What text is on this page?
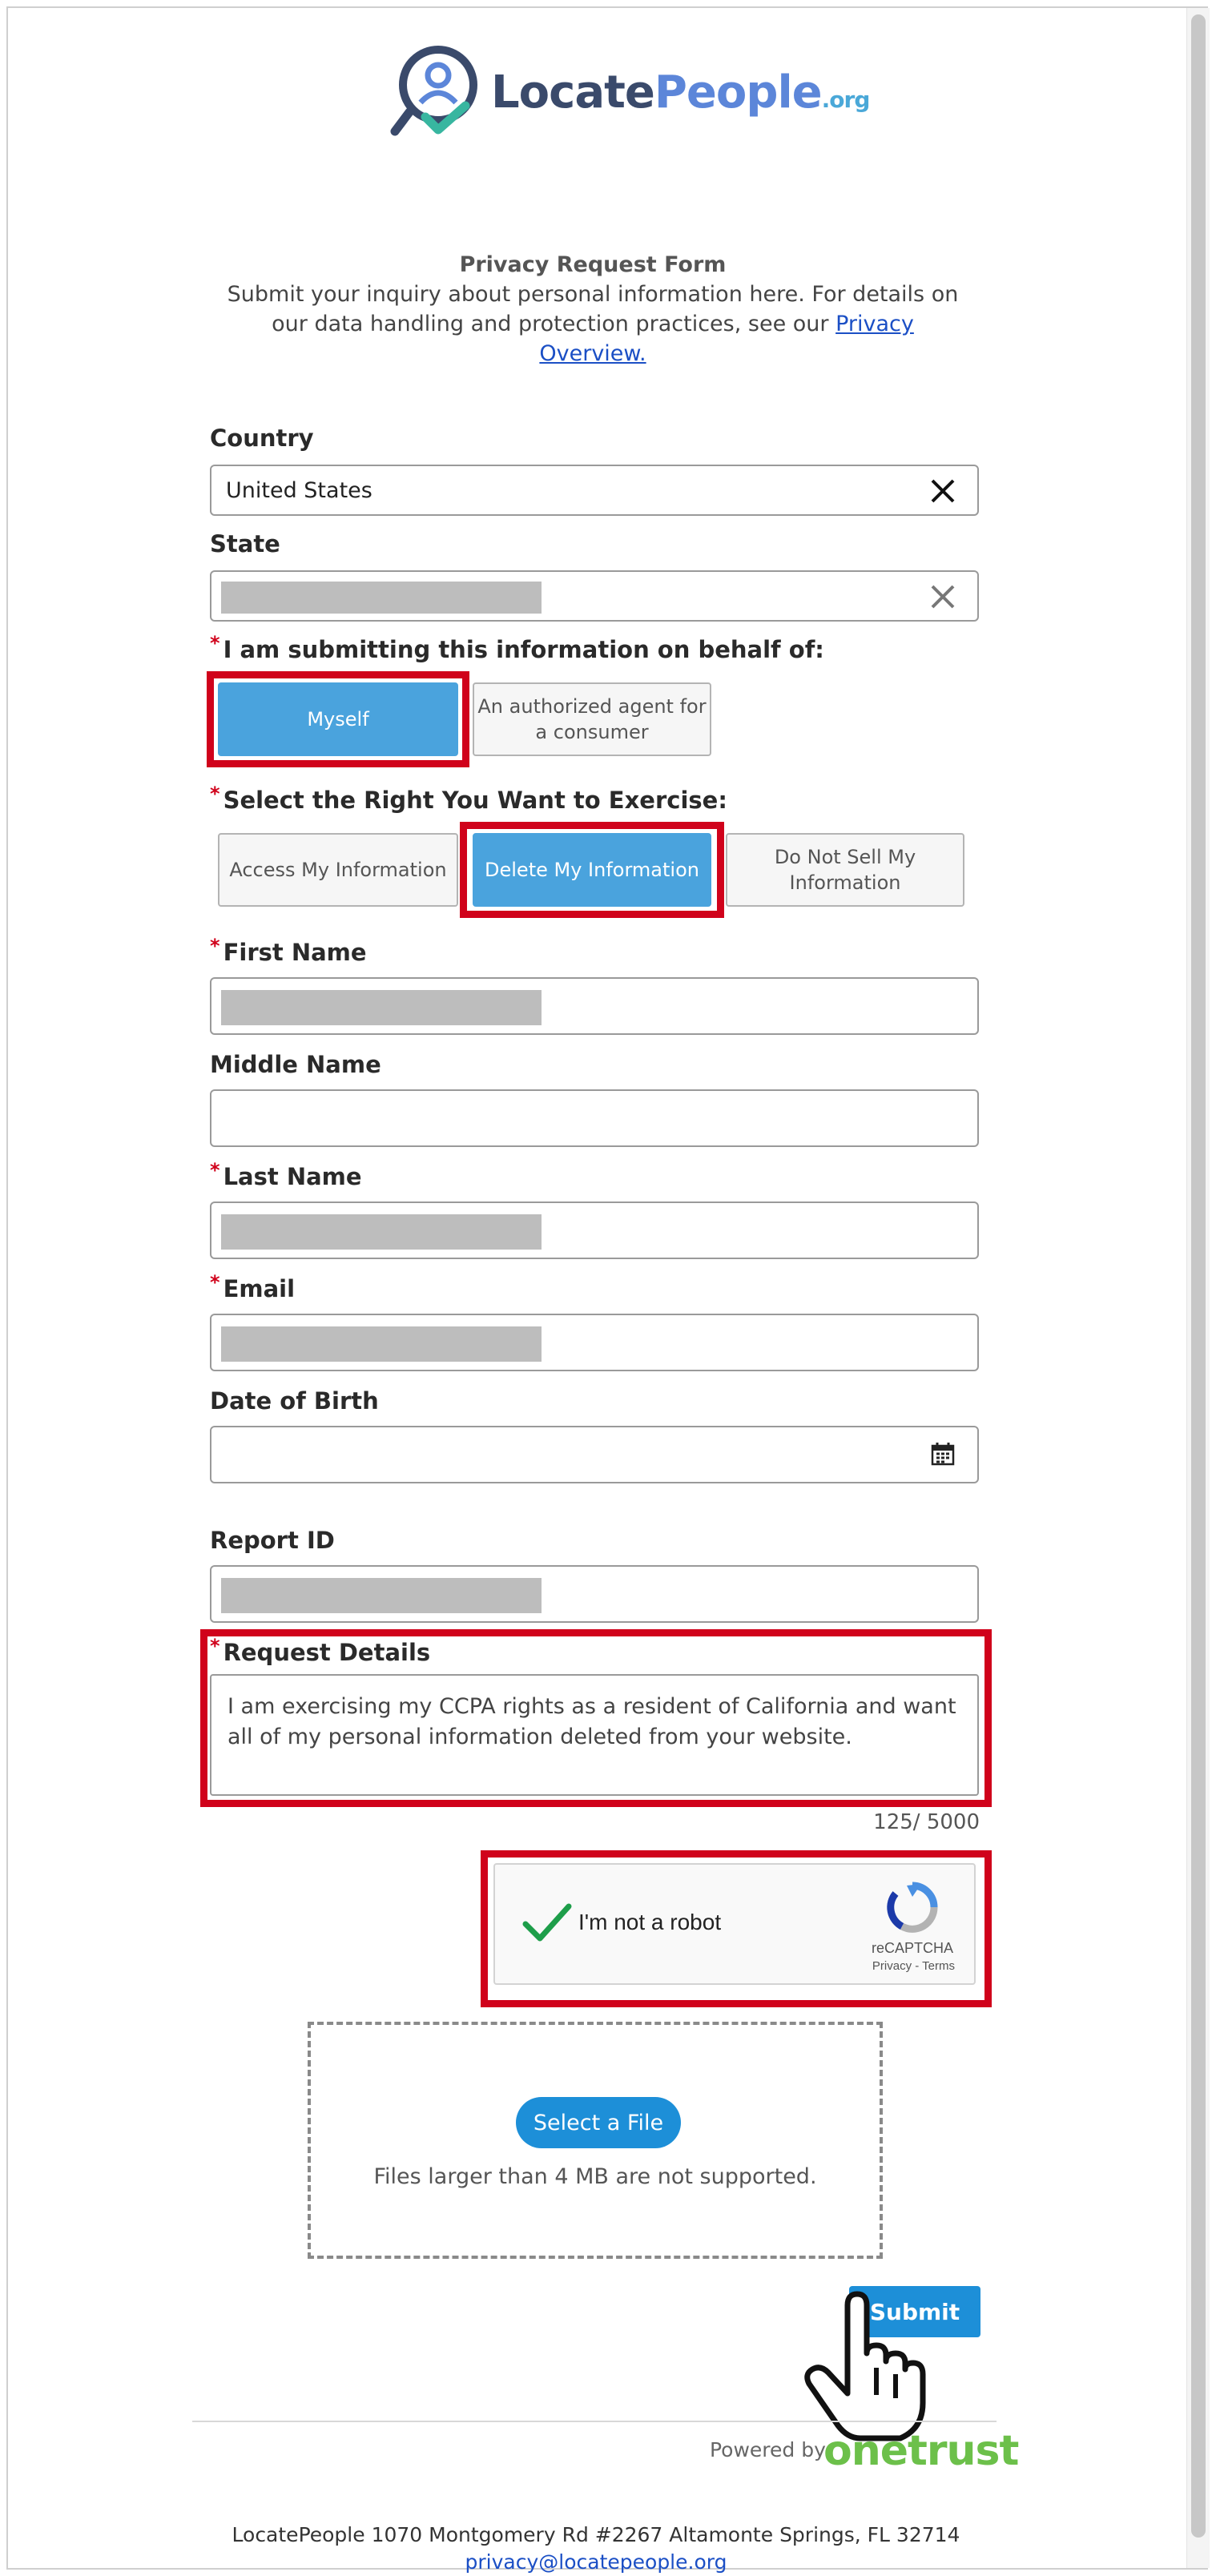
LocatePeople.org
Privacy Request Form
Submit your inquiry about personal information here. For details on our data handling and protection practices, see our Privacy Overview.
Country
United States
State
* I am submitting this information on behalf of:
Myself
An authorized agent for a consumer
* Select the Right You Want to Exercise:
Access My Information	Delete My Information
Do Not Sell My Information
* First Name
Middle Name
* Last Name
* Email
Date of Birth
Report ID
* Request Details
I am exercising my CCPA rights as a resident of California and want all of my personal information deleted from your website.
125/ 5000
I'm not a robot
reCAPTCHA
Privacy - Terms
Select a File
Files larger than 4 MB are not supported.
Submit
Powered by
onetrust
LocatePeople 1070 Montgomery Rd #2267 Altamonte Springs, FL 32714
privacy@locatepeople.org
